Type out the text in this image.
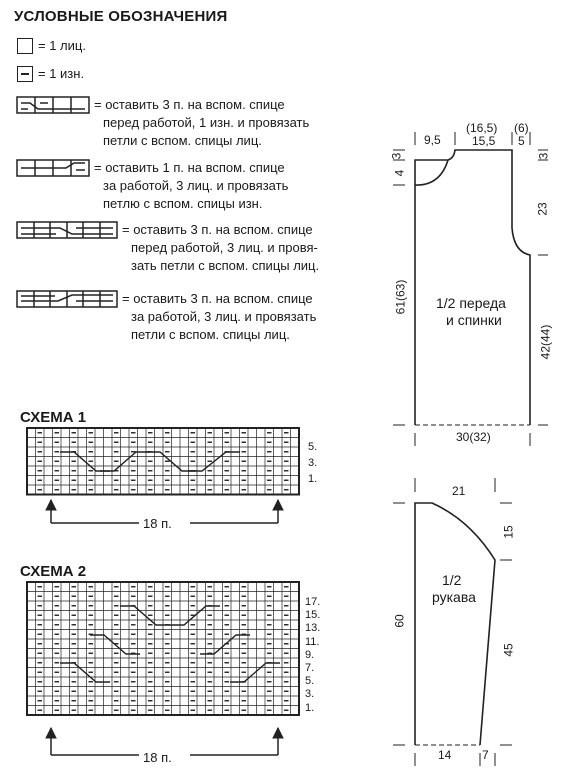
УСЛОВНЫЕ ОБОЗНАЧЕНИЯ
= 1 лиц.
= 1 изн.
= оставить 3 п. на вспом. спице
перед работой, 1 изн. и провязать
петли с вспом. спицы лиц.
= оставить 1 п. на вспом. спице
за работой, 3 лиц. и провязать
петлю с вспом. спицы изн.
= оставить 3 п. на вспом. спице
перед работой, 3 лиц. и провя-
зать петли с вспом. спицы лиц.
= оставить 3 п. на вспом. спице
за работой, 3 лиц. и провязать
петли с вспом. спицы лиц.
СХЕМА 1
5.
3.
1.
18 п.
СХЕМА 2
17.
15.
13.
11.
9.
7.
5.
3.
1.
18 п.
1/2 переда
и спинки
9,5
(16,5)
15,5
(6)
5
3	3
4
23
61(63)
42(44)
30(32)
1/2
рукава
21
15
60
45
14	7
